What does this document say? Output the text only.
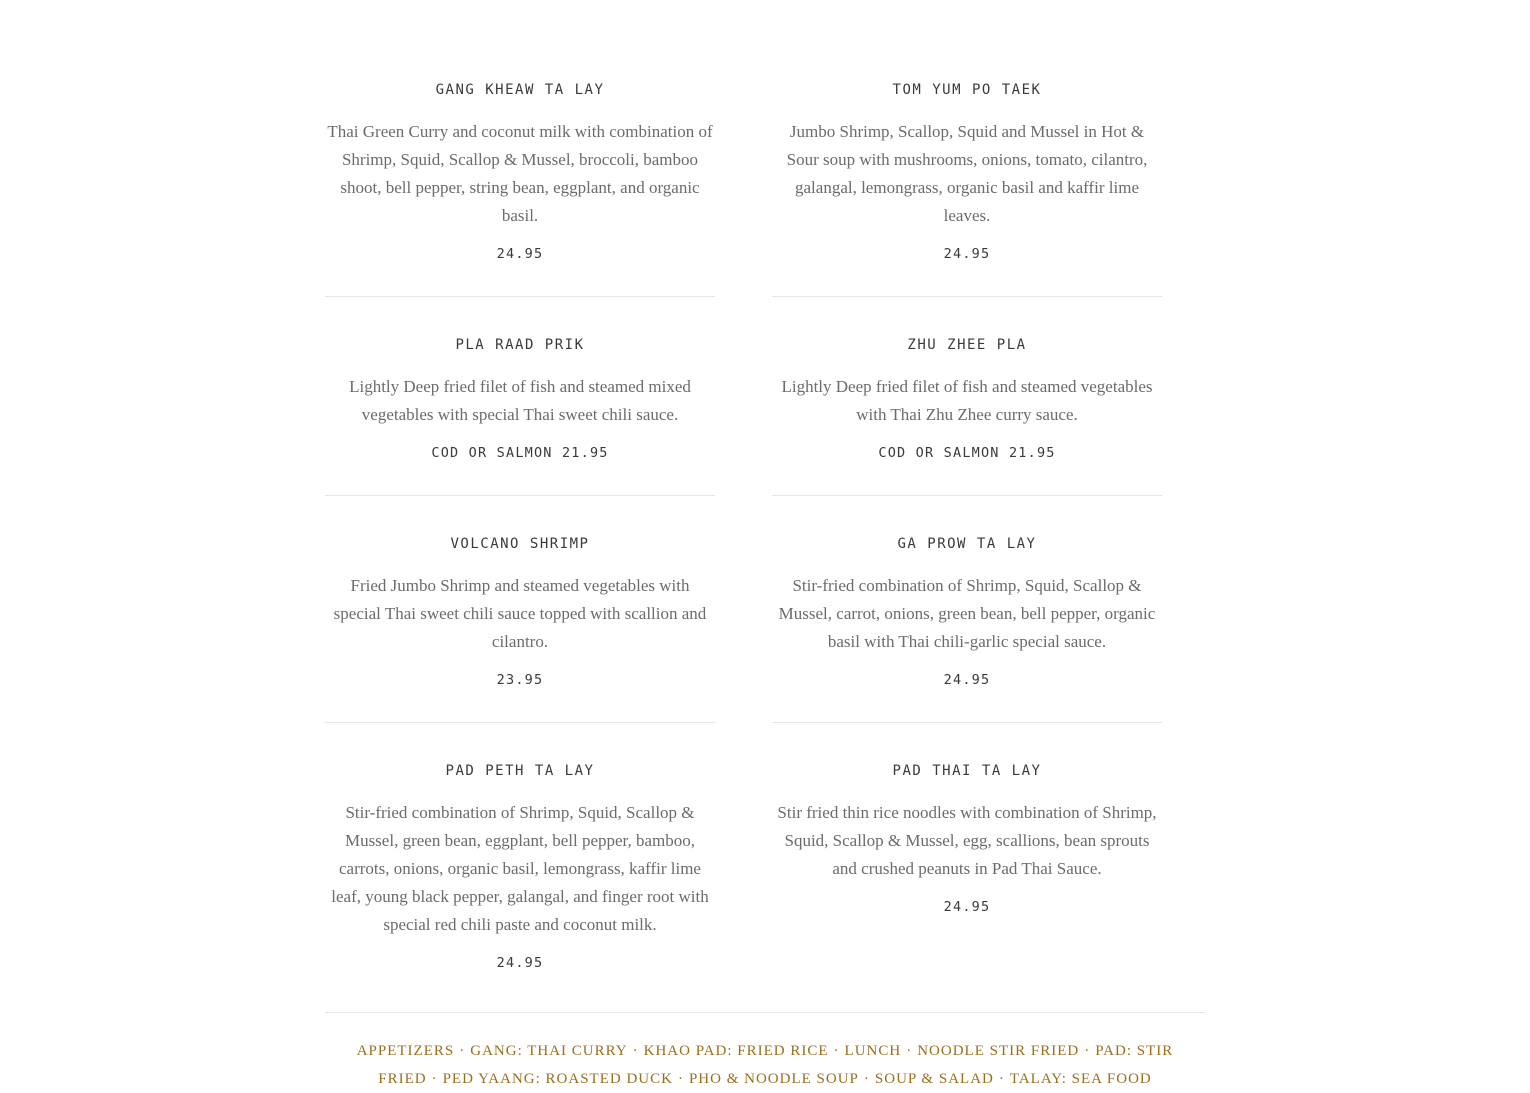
GANG KHEAW TA LAY

Thai Green Curry and coconut milk with combination of Shrimp, Squid, Scallop & Mussel, broccoli, bamboo shoot, bell pepper, string bean, eggplant, and organic basil.

24.95
TOM YUM PO TAEK

Jumbo Shrimp, Scallop, Squid and Mussel in Hot & Sour soup with mushrooms, onions, tomato, cilantro, galangal, lemongrass, organic basil and kaffir lime leaves.

24.95
PLA RAAD PRIK

Lightly Deep fried filet of fish and steamed mixed vegetables with special Thai sweet chili sauce.

COD OR SALMON 21.95
ZHU ZHEE PLA

Lightly Deep fried filet of fish and steamed vegetables with Thai Zhu Zhee curry sauce.

COD OR SALMON 21.95
VOLCANO SHRIMP

Fried Jumbo Shrimp and steamed vegetables with special Thai sweet chili sauce topped with scallion and cilantro.

23.95
GA PROW TA LAY

Stir-fried combination of Shrimp, Squid, Scallop & Mussel, carrot, onions, green bean, bell pepper, organic basil with Thai chili-garlic special sauce.

24.95
PAD PETH TA LAY

Stir-fried combination of Shrimp, Squid, Scallop & Mussel, green bean, eggplant, bell pepper, bamboo, carrots, onions, organic basil, lemongrass, kaffir lime leaf, young black pepper, galangal, and finger root with special red chili paste and coconut milk.

24.95
PAD THAI TA LAY

Stir fried thin rice noodles with combination of Shrimp, Squid, Scallop & Mussel, egg, scallions, bean sprouts and crushed peanuts in Pad Thai Sauce.

24.95
APPETIZERS · GANG: THAI CURRY · KHAO PAD: FRIED RICE · LUNCH · NOODLE STIR FRIED · PAD: STIR FRIED · PED YAANG: ROASTED DUCK · PHO & NOODLE SOUP · SOUP & SALAD · TALAY: SEA FOOD
